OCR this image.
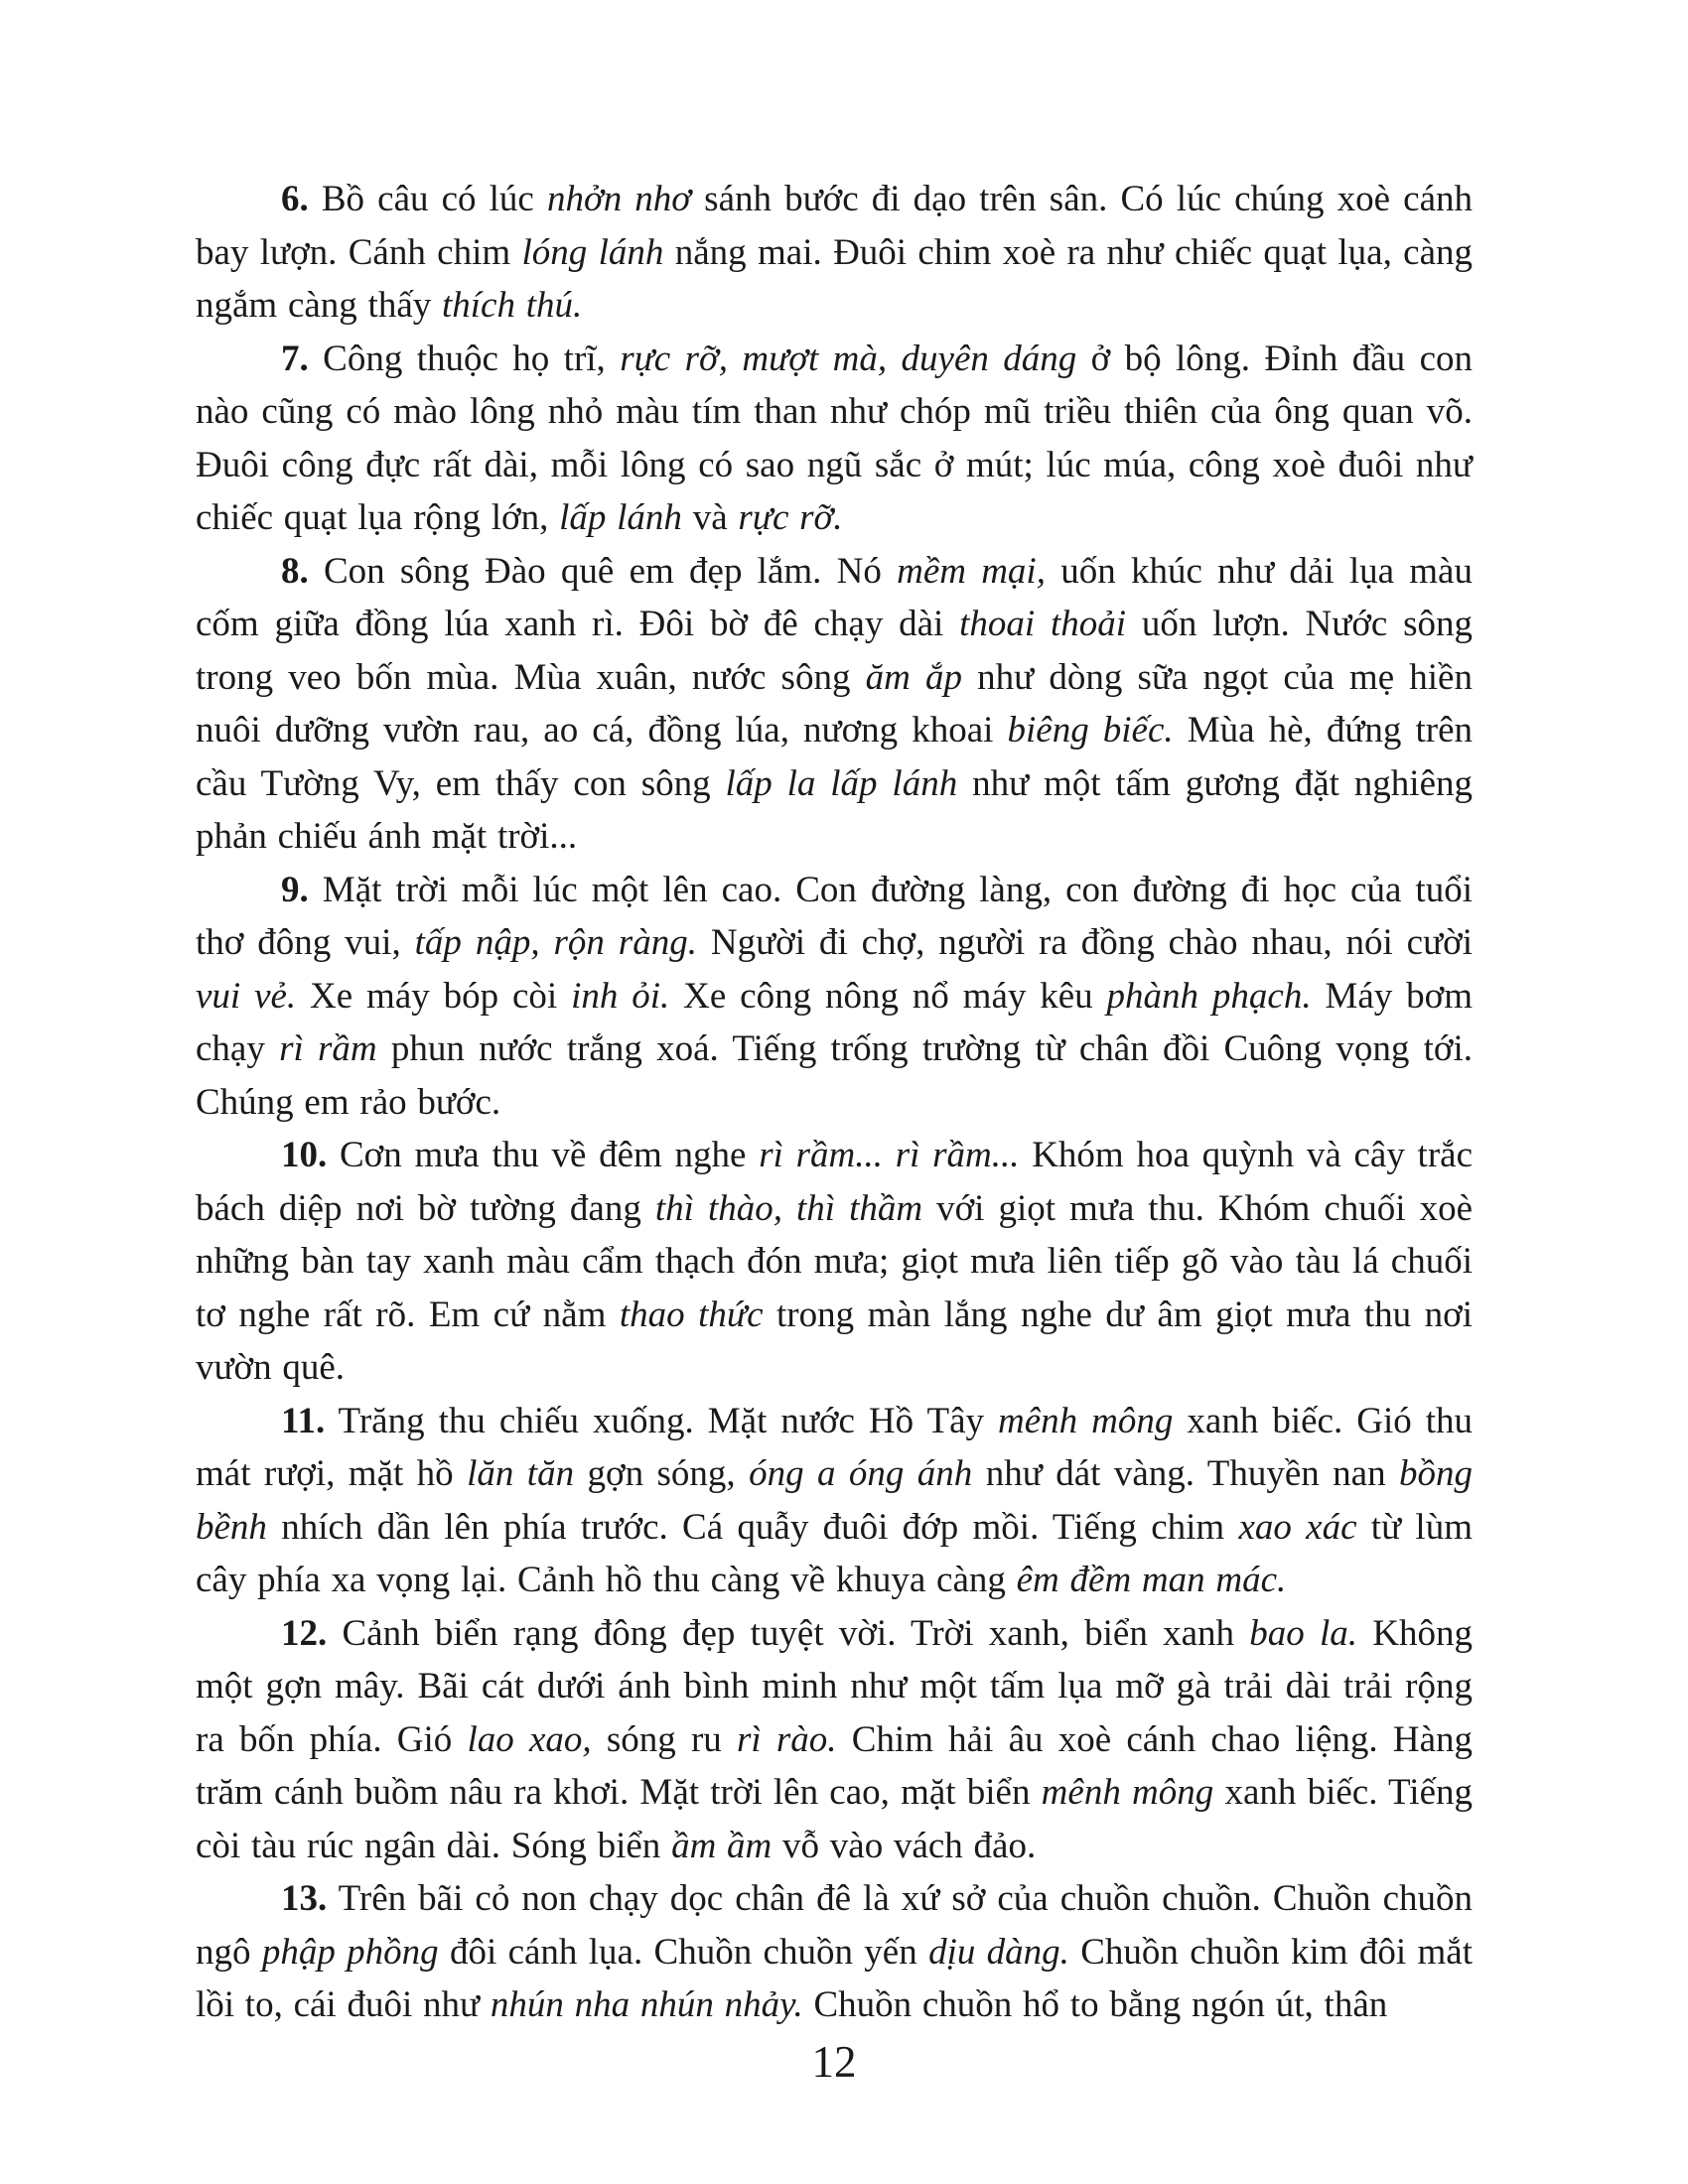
6. Bồ câu có lúc nhởn nhơ sánh bước đi dạo trên sân. Có lúc chúng xoè cánh bay lượn. Cánh chim lóng lánh nắng mai. Đuôi chim xoè ra như chiếc quạt lụa, càng ngắm càng thấy thích thú.

7. Công thuộc họ trĩ, rực rỡ, mượt mà, duyên dáng ở bộ lông. Đỉnh đầu con nào cũng có mào lông nhỏ màu tím than như chóp mũ triều thiên của ông quan võ. Đuôi công đực rất dài, mỗi lông có sao ngũ sắc ở mút; lúc múa, công xoè đuôi như chiếc quạt lụa rộng lớn, lấp lánh và rực rỡ.

8. Con sông Đào quê em đẹp lắm. Nó mềm mại, uốn khúc như dải lụa màu cốm giữa đồng lúa xanh rì. Đôi bờ đê chạy dài thoai thoải uốn lượn. Nước sông trong veo bốn mùa. Mùa xuân, nước sông ăm ắp như dòng sữa ngọt của mẹ hiền nuôi dưỡng vườn rau, ao cá, đồng lúa, nương khoai biêng biếc. Mùa hè, đứng trên cầu Tường Vy, em thấy con sông lấp la lấp lánh như một tấm gương đặt nghiêng phản chiếu ánh mặt trời...

9. Mặt trời mỗi lúc một lên cao. Con đường làng, con đường đi học của tuổi thơ đông vui, tấp nập, rộn ràng. Người đi chợ, người ra đồng chào nhau, nói cười vui vẻ. Xe máy bóp còi inh ỏi. Xe công nông nổ máy kêu phành phạch. Máy bơm chạy rì rầm phun nước trắng xoá. Tiếng trống trường từ chân đồi Cuông vọng tới. Chúng em rảo bước.

10. Cơn mưa thu về đêm nghe rì rầm... rì rầm... Khóm hoa quỳnh và cây trắc bách diệp nơi bờ tường đang thì thào, thì thầm với giọt mưa thu. Khóm chuối xoè những bàn tay xanh màu cẩm thạch đón mưa; giọt mưa liên tiếp gõ vào tàu lá chuối tơ nghe rất rõ. Em cứ nằm thao thức trong màn lắng nghe dư âm giọt mưa thu nơi vườn quê.

11. Trăng thu chiếu xuống. Mặt nước Hồ Tây mênh mông xanh biếc. Gió thu mát rượi, mặt hồ lăn tăn gợn sóng, óng a óng ánh như dát vàng. Thuyền nan bồng bềnh nhích dần lên phía trước. Cá quẫy đuôi đớp mồi. Tiếng chim xao xác từ lùm cây phía xa vọng lại. Cảnh hồ thu càng về khuya càng êm đềm man mác.

12. Cảnh biển rạng đông đẹp tuyệt vời. Trời xanh, biển xanh bao la. Không một gợn mây. Bãi cát dưới ánh bình minh như một tấm lụa mỡ gà trải dài trải rộng ra bốn phía. Gió lao xao, sóng ru rì rào. Chim hải âu xoè cánh chao liệng. Hàng trăm cánh buồm nâu ra khơi. Mặt trời lên cao, mặt biển mênh mông xanh biếc. Tiếng còi tàu rúc ngân dài. Sóng biển ầm ầm vỗ vào vách đảo.

13. Trên bãi cỏ non chạy dọc chân đê là xứ sở của chuồn chuồn. Chuồn chuồn ngô phập phồng đôi cánh lụa. Chuồn chuồn yến dịu dàng. Chuồn chuồn kim đôi mắt lồi to, cái đuôi như nhún nha nhún nhảy. Chuồn chuồn hổ to bằng ngón út, thân

12
